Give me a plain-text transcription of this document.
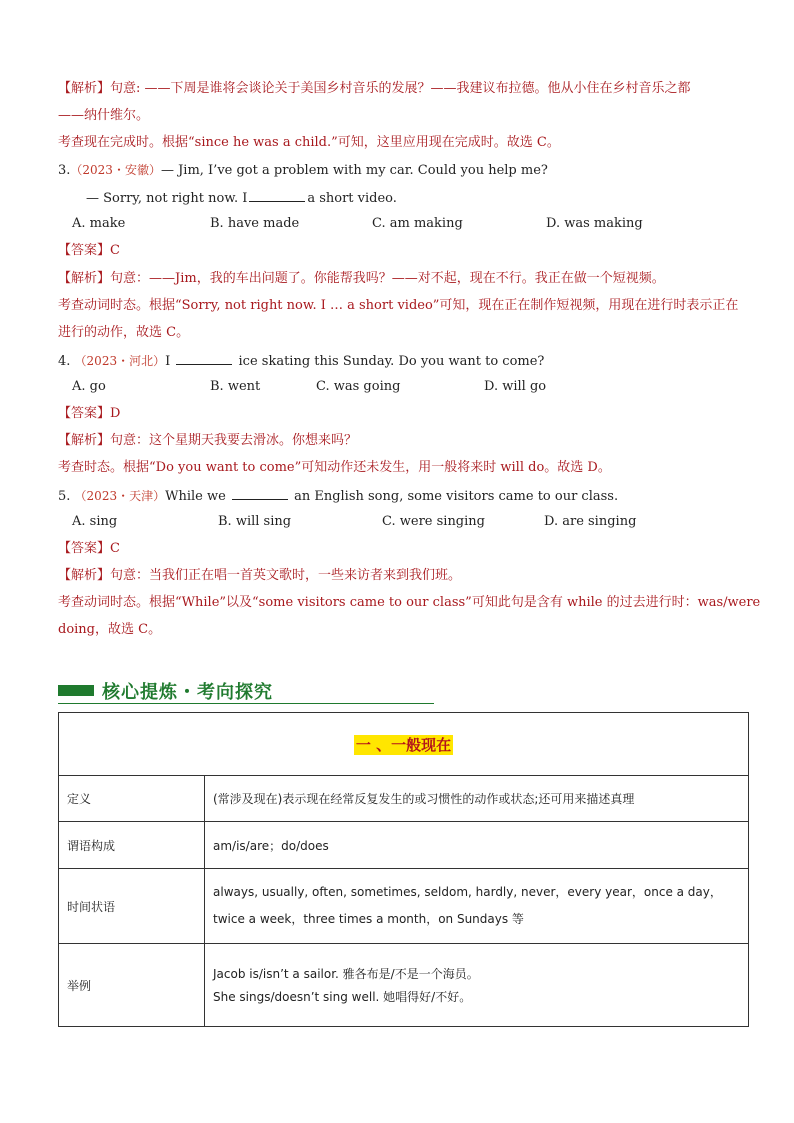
【解析】句意: ——下周是谁将会谈论关于美国乡村音乐的发展？——我建议布拉德。他从小住在乡村音乐之都
——纳什维尔。
考查现在完成时。根据“since he was a child.”可知，这里应用现在完成时。故选 C。
3.（2023・安徽）— Jim, I’ve got a problem with my car. Could you help me?
— Sorry, not right now. I	a short video.
A. make	B. have made	C. am making	D. was making
【答案】C
【解析】句意：——Jim，我的车出问题了。你能帮我吗？——对不起，现在不行。我正在做一个短视频。
考查动词时态。根据“Sorry, not right now. I … a short video”可知，现在正在制作短视频，用现在进行时表示正在
进行的动作，故选 C。
4. （2023・河北）I	ice skating this Sunday. Do you want to come?
A. go	B. went	C. was going	D. will go
【答案】D
【解析】句意：这个星期天我要去滑冰。你想来吗？
考查时态。根据“Do you want to come”可知动作还未发生，用一般将来时 will do。故选 D。
5. （2023・天津）While we	an English song, some visitors came to our class.
A. sing	B. will sing	C. were singing	D. are singing
【答案】C
【解析】句意：当我们正在唱一首英文歌时，一些来访者来到我们班。
考查动词时态。根据“While”以及“some visitors came to our class”可知此句是含有 while 的过去进行时：was/were
doing，故选 C。
核心提炼・考向探究
一 、一般现在	
定义	(常涉及现在)表示现在经常反复发生的或习惯性的动作或状态;还可用来描述真理
谓语构成	am/is/are；do/does
时间状语	always, usually, often, sometimes, seldom, hardly, never，every year，once a day，twice a week，three times a month，on Sundays 等
举例	Jacob is/isn’t a sailor. 雅各布是/不是一个海员。

She sings/doesn’t sing well. 她唱得好/不好。
